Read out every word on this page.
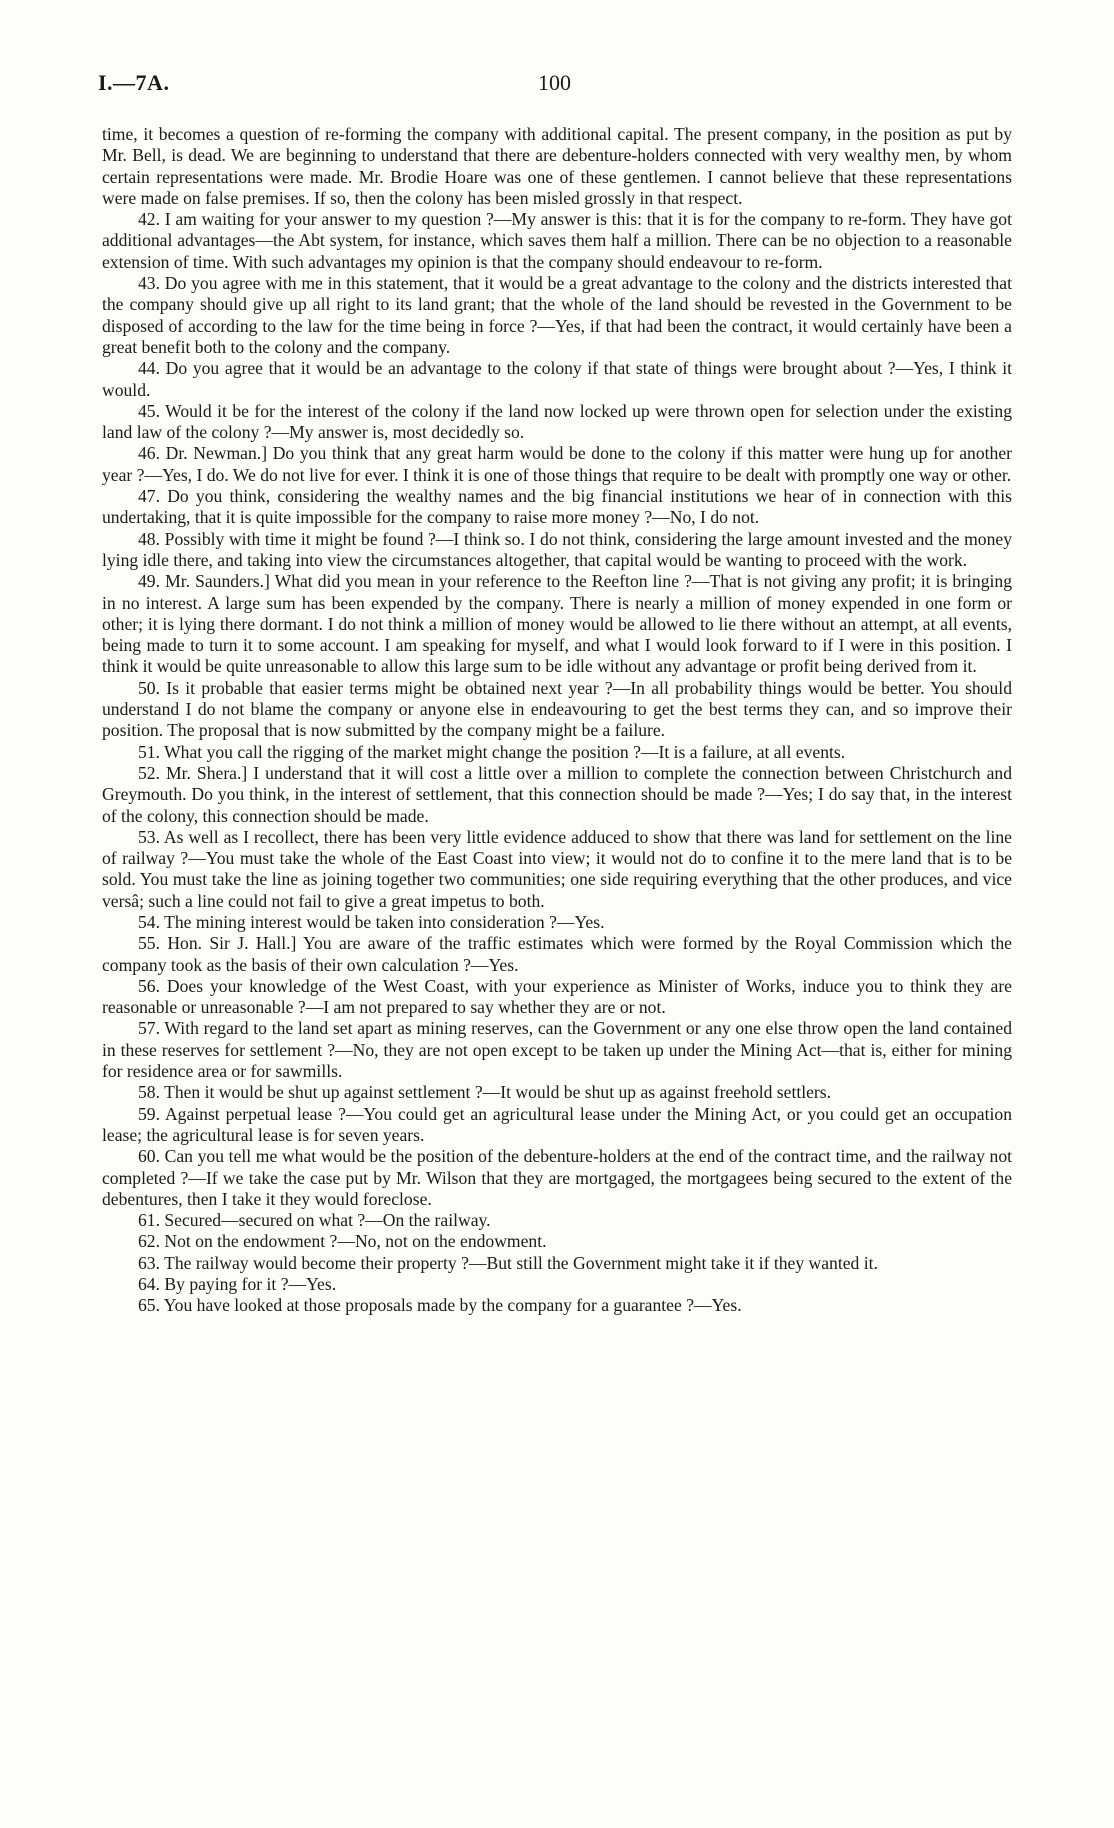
I.—7A.	100

time, it becomes a question of re-forming the company with additional capital. The present company, in the position as put by Mr. Bell, is dead. We are beginning to understand that there are debenture-holders connected with very wealthy men, by whom certain representations were made. Mr. Brodie Hoare was one of these gentlemen. I cannot believe that these representations were made on false premises. If so, then the colony has been misled grossly in that respect.

42. I am waiting for your answer to my question ?—My answer is this: that it is for the company to re-form. They have got additional advantages—the Abt system, for instance, which saves them half a million. There can be no objection to a reasonable extension of time. With such advantages my opinion is that the company should endeavour to re-form.

43. Do you agree with me in this statement, that it would be a great advantage to the colony and the districts interested that the company should give up all right to its land grant; that the whole of the land should be revested in the Government to be disposed of according to the law for the time being in force ?—Yes, if that had been the contract, it would certainly have been a great benefit both to the colony and the company.

44. Do you agree that it would be an advantage to the colony if that state of things were brought about ?—Yes, I think it would.

45. Would it be for the interest of the colony if the land now locked up were thrown open for selection under the existing land law of the colony ?—My answer is, most decidedly so.

46. Dr. Newman.] Do you think that any great harm would be done to the colony if this matter were hung up for another year ?—Yes, I do. We do not live for ever. I think it is one of those things that require to be dealt with promptly one way or other.

47. Do you think, considering the wealthy names and the big financial institutions we hear of in connection with this undertaking, that it is quite impossible for the company to raise more money ?—No, I do not.

48. Possibly with time it might be found ?—I think so. I do not think, considering the large amount invested and the money lying idle there, and taking into view the circumstances altogether, that capital would be wanting to proceed with the work.

49. Mr. Saunders.] What did you mean in your reference to the Reefton line ?—That is not giving any profit; it is bringing in no interest. A large sum has been expended by the company. There is nearly a million of money expended in one form or other; it is lying there dormant. I do not think a million of money would be allowed to lie there without an attempt, at all events, being made to turn it to some account. I am speaking for myself, and what I would look forward to if I were in this position. I think it would be quite unreasonable to allow this large sum to be idle without any advantage or profit being derived from it.

50. Is it probable that easier terms might be obtained next year ?—In all probability things would be better. You should understand I do not blame the company or anyone else in endeavouring to get the best terms they can, and so improve their position. The proposal that is now submitted by the company might be a failure.

51. What you call the rigging of the market might change the position ?—It is a failure, at all events.

52. Mr. Shera.] I understand that it will cost a little over a million to complete the connection between Christchurch and Greymouth. Do you think, in the interest of settlement, that this connection should be made ?—Yes; I do say that, in the interest of the colony, this connection should be made.

53. As well as I recollect, there has been very little evidence adduced to show that there was land for settlement on the line of railway ?—You must take the whole of the East Coast into view; it would not do to confine it to the mere land that is to be sold. You must take the line as joining together two communities; one side requiring everything that the other produces, and vice versâ; such a line could not fail to give a great impetus to both.

54. The mining interest would be taken into consideration ?—Yes.

55. Hon. Sir J. Hall.] You are aware of the traffic estimates which were formed by the Royal Commission which the company took as the basis of their own calculation ?—Yes.

56. Does your knowledge of the West Coast, with your experience as Minister of Works, induce you to think they are reasonable or unreasonable ?—I am not prepared to say whether they are or not.

57. With regard to the land set apart as mining reserves, can the Government or any one else throw open the land contained in these reserves for settlement ?—No, they are not open except to be taken up under the Mining Act—that is, either for mining for residence area or for sawmills.

58. Then it would be shut up against settlement ?—It would be shut up as against freehold settlers.

59. Against perpetual lease ?—You could get an agricultural lease under the Mining Act, or you could get an occupation lease; the agricultural lease is for seven years.

60. Can you tell me what would be the position of the debenture-holders at the end of the contract time, and the railway not completed ?—If we take the case put by Mr. Wilson that they are mortgaged, the mortgagees being secured to the extent of the debentures, then I take it they would foreclose.

61. Secured—secured on what ?—On the railway.

62. Not on the endowment ?—No, not on the endowment.

63. The railway would become their property ?—But still the Government might take it if they wanted it.

64. By paying for it ?—Yes.

65. You have looked at those proposals made by the company for a guarantee ?—Yes.
